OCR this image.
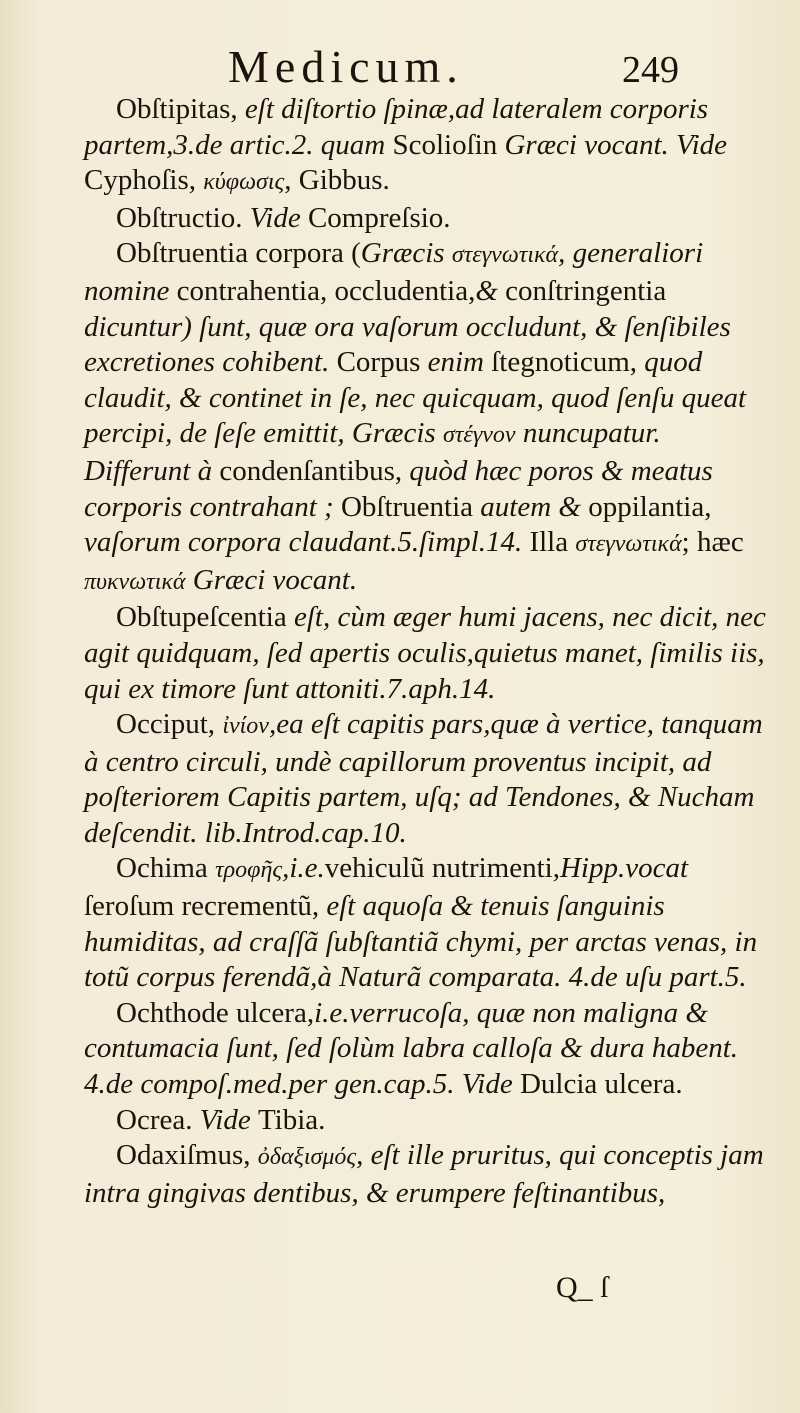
Medicum.	249

Obſtipitas, eſt diſtortio ſpinæ,ad lateralem corporis partem,3.de artic.2. quam Scolioſin Græci vocant. Vide Cyphoſis, κύφωσις, Gibbus.

Obſtructio. Vide Compreſsio.

Obſtruentia corpora (Græcis στεγνωτικά, generaliori nomine contrahentia, occludentia,& conſtringentia dicuntur) ſunt, quæ ora vaſorum occludunt, & ſenſibiles excretiones cohibent. Corpus enim ſtegnoticum, quod claudit, & continet in ſe, nec quicquam, quod ſenſu queat percipi, de ſeſe emittit, Græcis στέγνον nuncupatur. Differunt à condenſantibus, quòd hæc poros & meatus corporis contrahant ; Obſtruentia autem & oppilantia, vaſorum corpora claudant.5.ſimpl.14. Illa στεγνωτικά; hæc πυκνωτικά Græci vocant.

Obſtupeſcentia eſt, cùm æger humi jacens, nec dicit, nec agit quidquam, ſed apertis oculis,quietus manet, ſimilis iis, qui ex timore ſunt attoniti.7.aph.14.

Occiput, ἰνίον,ea eſt capitis pars,quæ à vertice, tanquam à centro circuli, undè capillorum proventus incipit, ad poſteriorem Capitis partem, uſq; ad Tendones, & Nucham deſcendit. lib.Introd.cap.10.

Ochima τροφῆς,i.e.vehiculũ nutrimenti,Hipp.vocat ſeroſum recrementũ, eſt aquoſa & tenuis ſanguinis humiditas, ad craſſã ſubſtantiã chymi, per arctas venas, in totũ corpus ferendã,à Naturã comparata. 4.de uſu part.5.

Ochthode ulcera,i.e.verrucoſa, quæ non maligna & contumacia ſunt, ſed ſolùm labra calloſa & dura habent. 4.de compoſ.med.per gen.cap.5. Vide Dulcia ulcera.

Ocrea. Vide Tibia.

Odaxiſmus, ὀδαξισμός, eſt ille pruritus, qui conceptis jam intra gingivas dentibus, & erumpere feſtinantibus,

Q_ ſ
